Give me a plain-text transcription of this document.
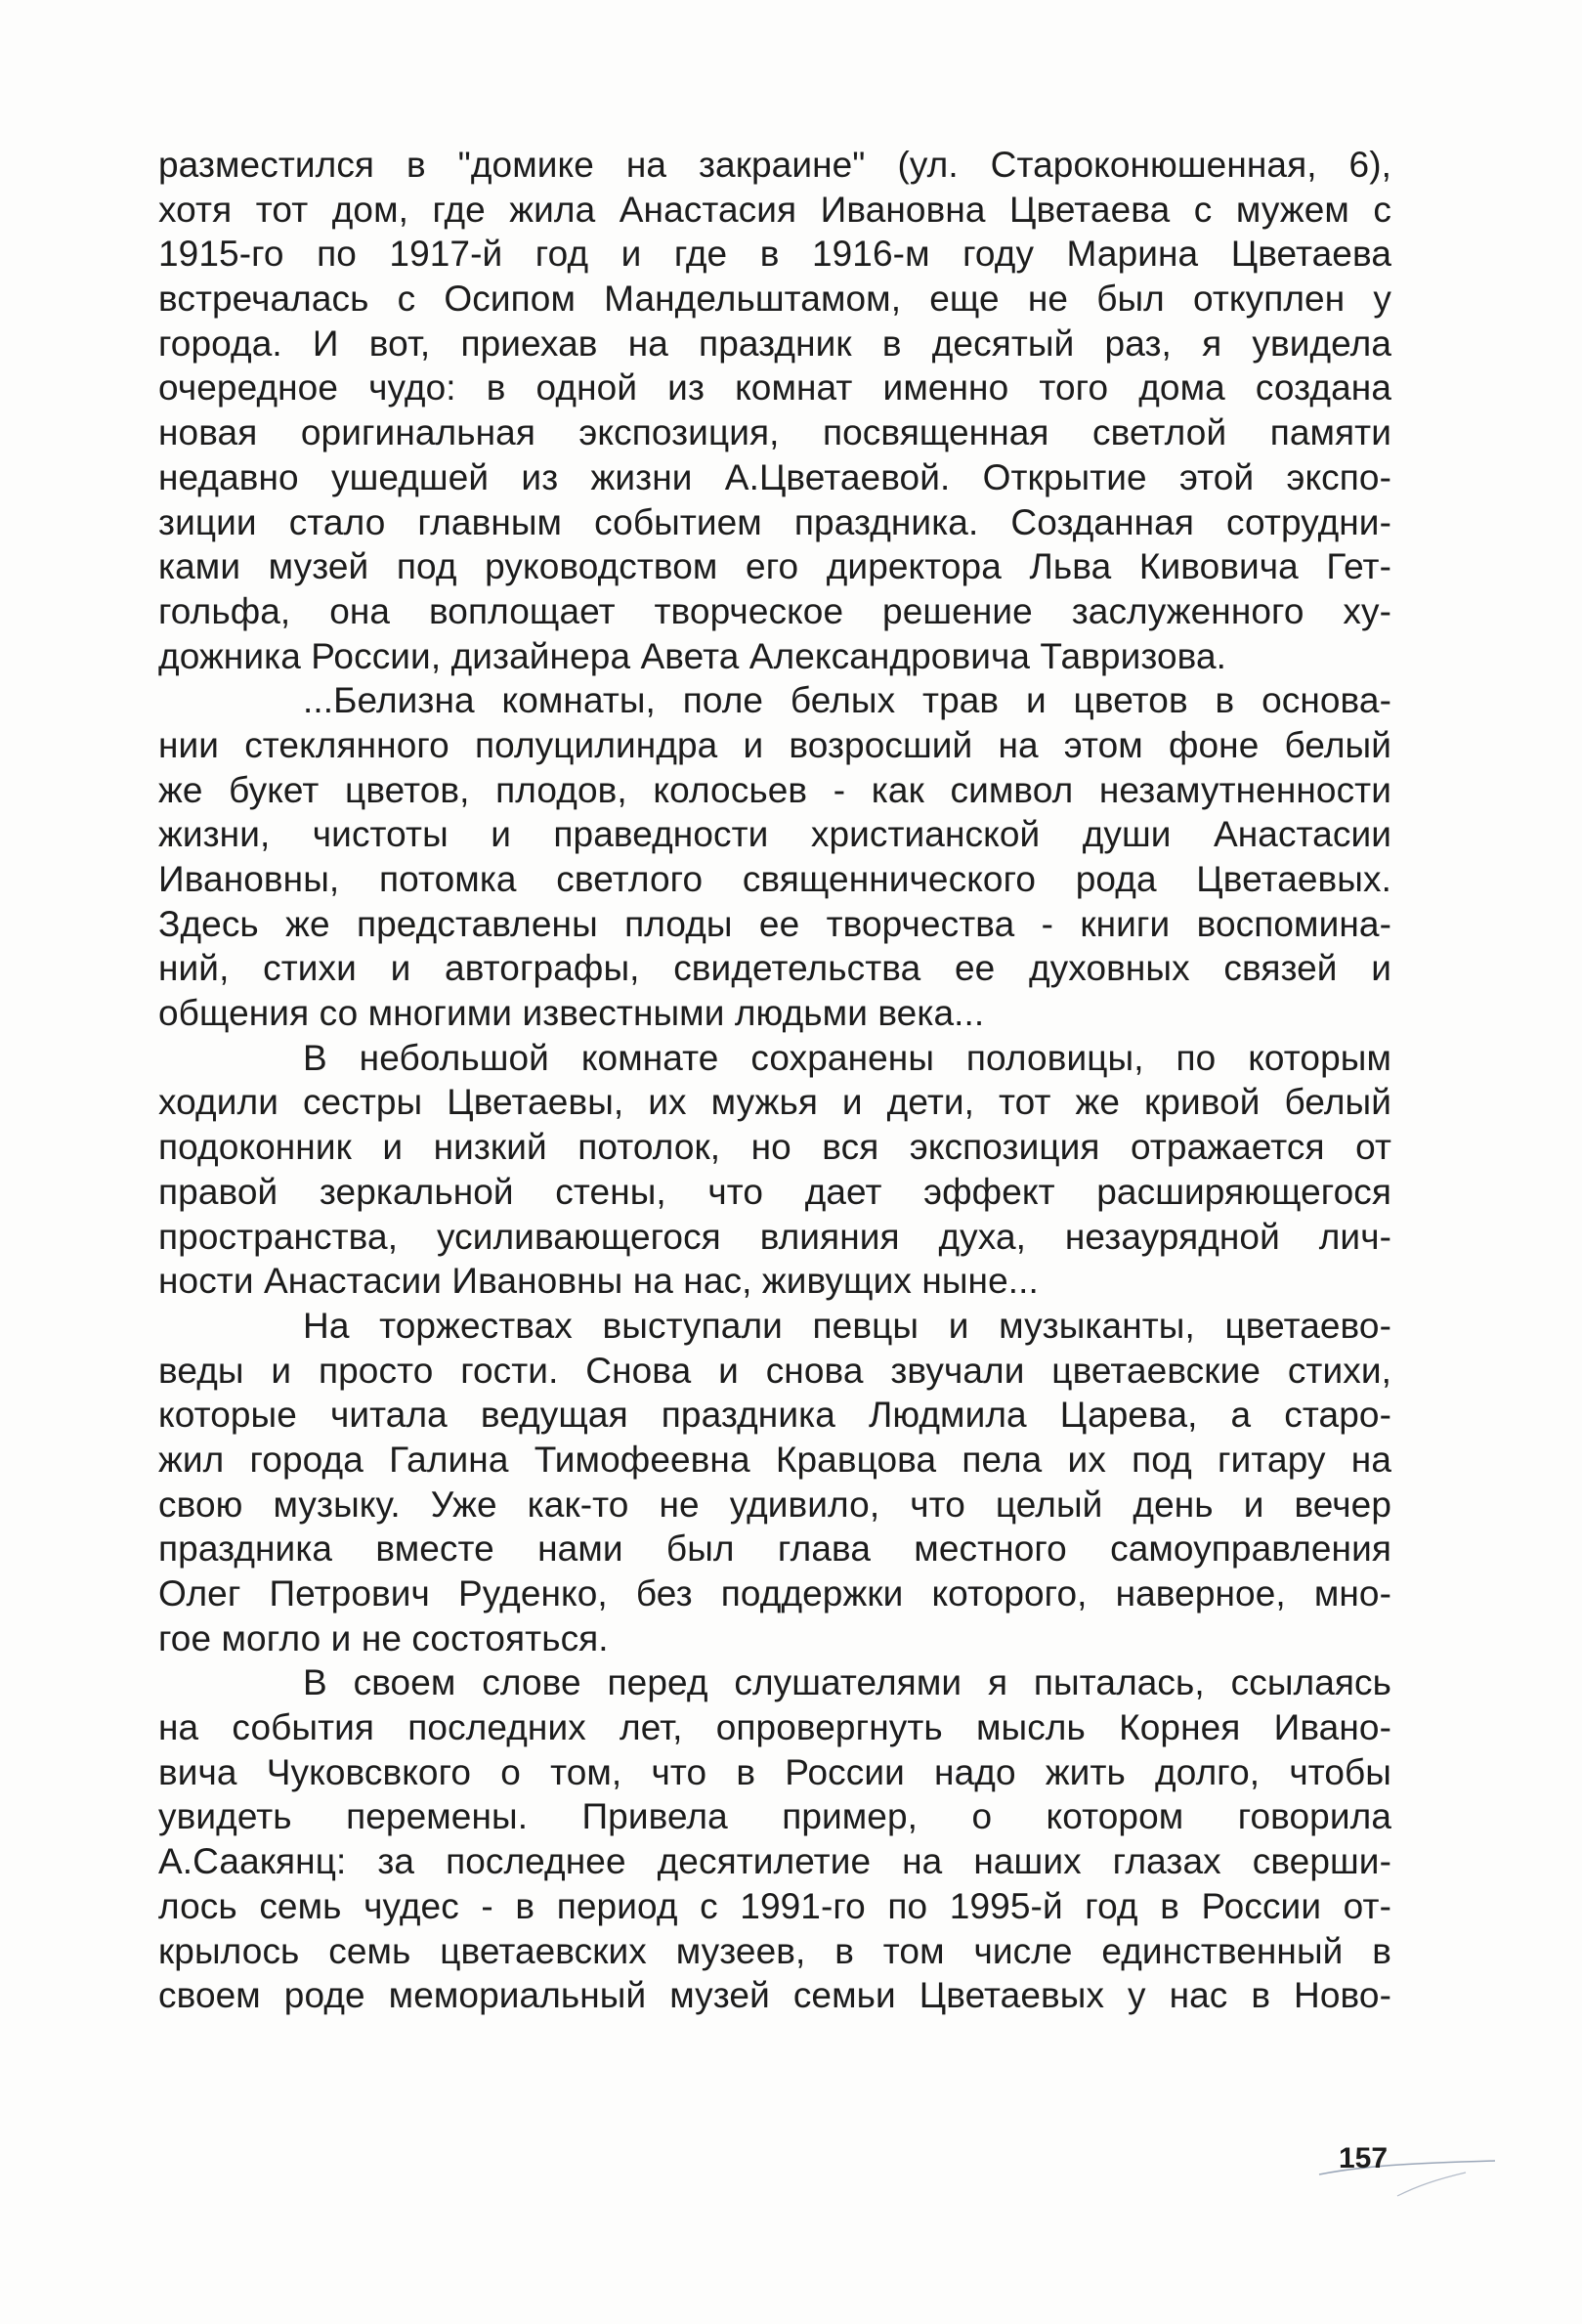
разместился в "домике на закраине" (ул. Староконюшенная, 6),
хотя тот дом, где жила Анастасия Ивановна Цветаева с мужем с
1915-го по 1917-й год и где в 1916-м году Марина Цветаева
встречалась с Осипом Мандельштамом, еще не был откуплен у
города. И вот, приехав на праздник в десятый раз, я увидела
очередное чудо: в одной из комнат именно того дома создана
новая оригинальная экспозиция, посвященная светлой памяти
недавно ушедшей из жизни А.Цветаевой. Открытие этой экспо-
зиции стало главным событием праздника. Созданная сотрудни-
ками музей под руководством его директора Льва Кивовича Гет-
гольфа, она воплощает творческое решение заслуженного ху-
дожника России, дизайнера Авета Александровича Тавризова.
...Белизна комнаты, поле белых трав и цветов в основа-
нии стеклянного полуцилиндра и возросший на этом фоне белый
же букет цветов, плодов, колосьев - как символ незамутненности
жизни, чистоты и праведности христианской души Анастасии
Ивановны, потомка светлого священнического рода Цветаевых.
Здесь же представлены плоды ее творчества - книги воспомина-
ний, стихи и автографы, свидетельства ее духовных связей и
общения со многими известными людьми века...
В небольшой комнате сохранены половицы, по которым
ходили сестры Цветаевы, их мужья и дети, тот же кривой белый
подоконник и низкий потолок, но вся экспозиция отражается от
правой зеркальной стены, что дает эффект расширяющегося
пространства, усиливающегося влияния духа, незаурядной лич-
ности Анастасии Ивановны на нас, живущих ныне...
На торжествах выступали певцы и музыканты, цветаево-
веды и просто гости. Снова и снова звучали цветаевские стихи,
которые читала ведущая праздника Людмила Царева, а старо-
жил города Галина Тимофеевна Кравцова пела их под гитару на
свою музыку. Уже как-то не удивило, что целый день и вечер
праздника вместе нами был глава местного самоуправления
Олег Петрович Руденко, без поддержки которого, наверное, мно-
гое могло и не состояться.
В своем слове перед слушателями я пыталась, ссылаясь
на события последних лет, опровергнуть мысль Корнея Ивано-
вича Чуковсвкого о том, что в России надо жить долго, чтобы
увидеть перемены. Привела пример, о котором говорила
А.Саакянц: за последнее десятилетие на наших глазах сверши-
лось семь чудес - в период с 1991-го по 1995-й год в России от-
крылось семь цветаевских музеев, в том числе единственный в
своем роде мемориальный музей семьи Цветаевых у нас в Ново-
157
